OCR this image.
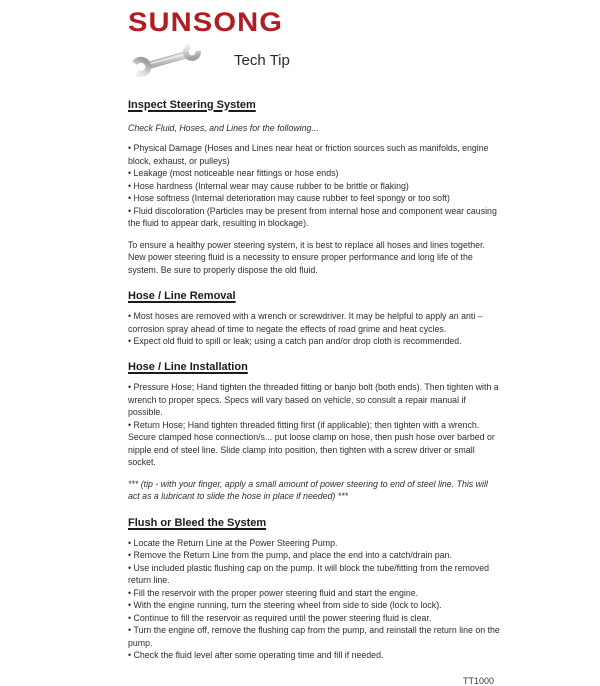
SUNSONG
Tech Tip
Inspect Steering System

Check Fluid, Hoses, and Lines for the following...

• Physical Damage (Hoses and Lines near heat or friction sources such as manifolds, engine block, exhaust, or pulleys)

• Leakage (most noticeable near fittings or hose ends)

• Hose hardness (Internal wear may cause rubber to be brittle or flaking)

• Hose softness (Internal deterioration may cause rubber to feel spongy or too soft)

• Fluid discoloration (Particles may be present from internal hose and component wear causing the fluid to appear dark, resulting in blockage).

To ensure a healthy power steering system, it is best to replace all hoses and lines together. New power steering fluid is a necessity to ensure proper performance and long life of the system. Be sure to properly dispose the old fluid.

Hose / Line Removal

• Most hoses are removed with a wrench or screwdriver. It may be helpful to apply an anti – corrosion spray ahead of time to negate the effects of road grime and heat cycles.

• Expect old fluid to spill or leak; using a catch pan and/or drop cloth is recommended.

Hose / Line Installation

• Pressure Hose; Hand tighten the threaded fitting or banjo bolt (both ends). Then tighten with a wrench to proper specs. Specs will vary based on vehicle, so consult a repair manual if possible.

• Return Hose; Hand tighten threaded fitting first (if applicable); then tighten with a wrench. Secure clamped hose connection/s... put loose clamp on hose, then push hose over barbed or nipple end of steel line. Slide clamp into position, then tighten with a screw driver or small socket.

*** (tip - with your finger, apply a small amount of power steering to end of steel line. This will act as a lubricant to slide the hose in place if needed) ***

Flush or Bleed the System

• Locate the Return Line at the Power Steering Pump.

• Remove the Return Line from the pump, and place the end into a catch/drain pan.

• Use included plastic flushing cap on the pump. It will block the tube/fitting from the removed return line.

• Fill the reservoir with the proper power steering fluid and start the engine.

• With the engine running, turn the steering wheel from side to side (lock to lock).

• Continue to fill the reservoir as required until the power steering fluid is clear.

• Turn the engine off, remove the flushing cap from the pump, and reinstall the return line on the pump.

• Check the fluid level after some operating time and fill if needed.

TT1000
